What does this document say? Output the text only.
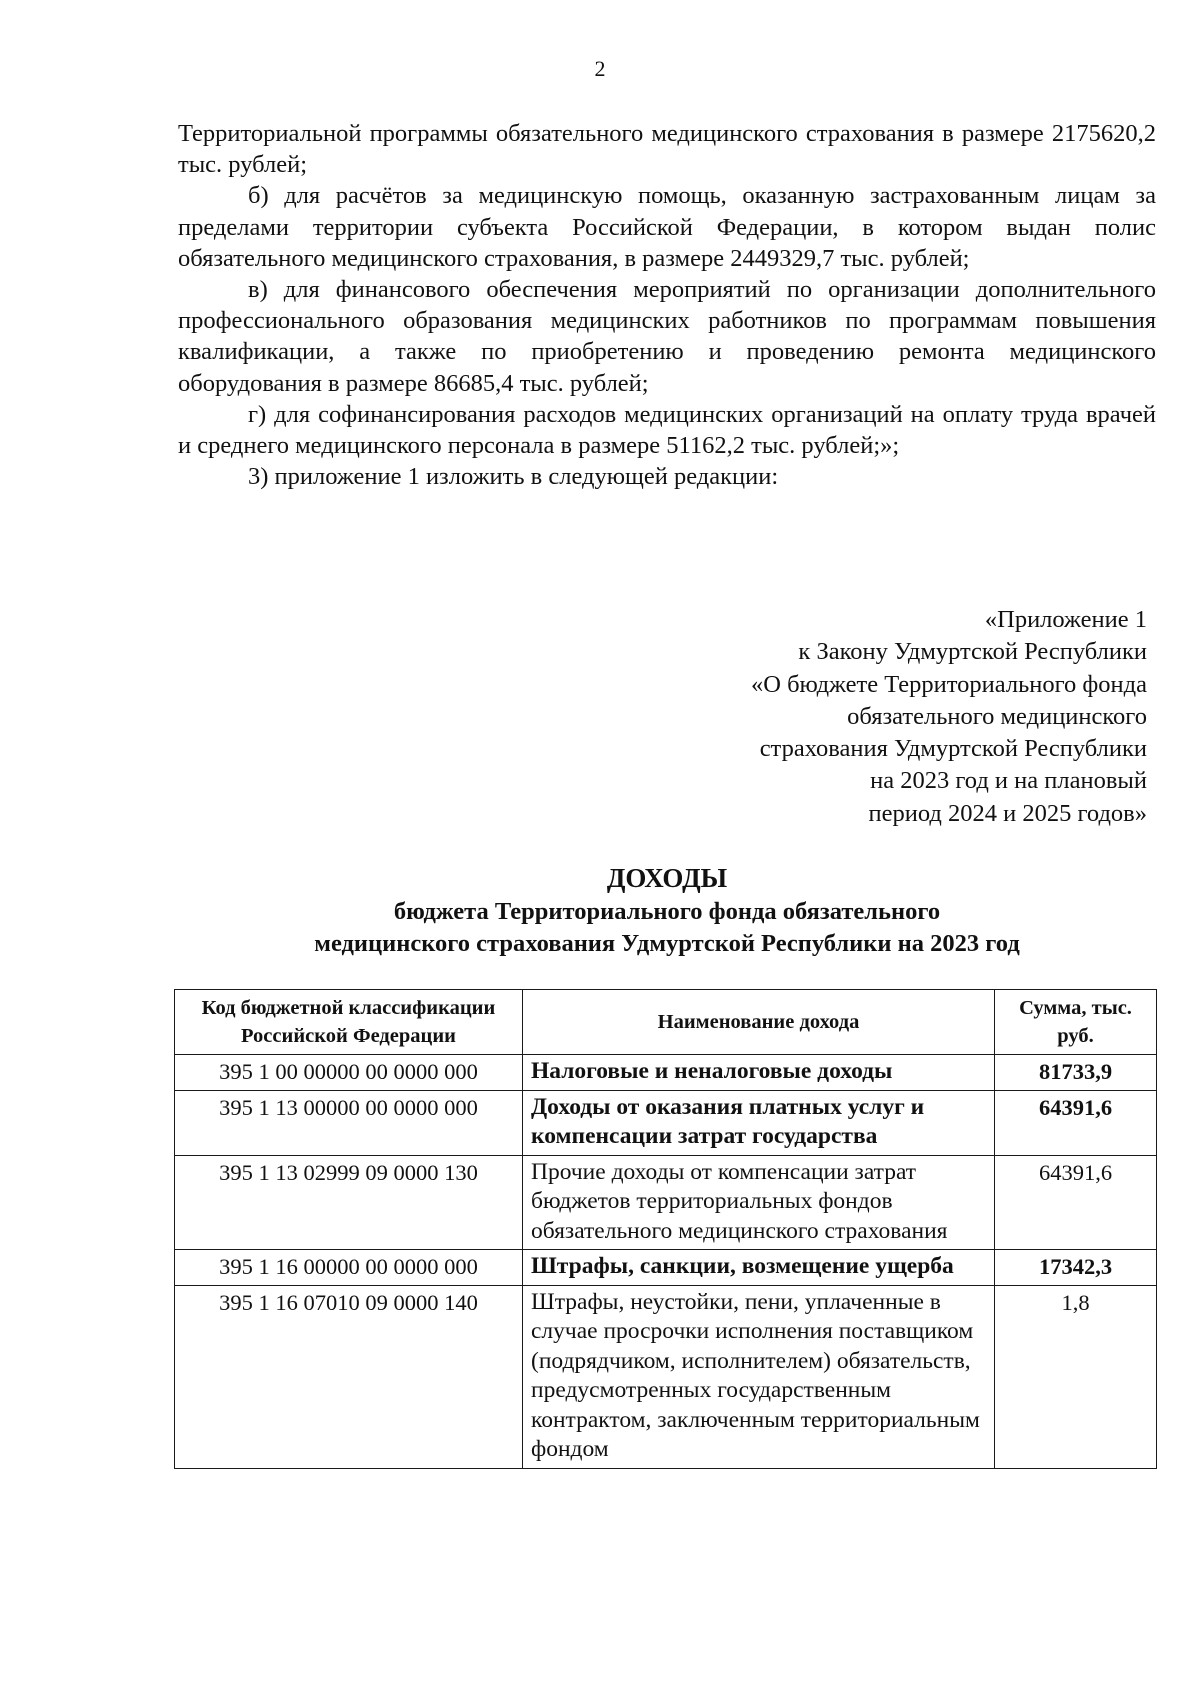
2

Территориальной программы обязательного медицинского страхования в размере 2175620,2 тыс. рублей;

б) для расчётов за медицинскую помощь, оказанную застрахованным лицам за пределами территории субъекта Российской Федерации, в котором выдан полис обязательного медицинского страхования, в размере 2449329,7 тыс. рублей;

в) для финансового обеспечения мероприятий по организации дополнительного профессионального образования медицинских работников по программам повышения квалификации, а также по приобретению и проведению ремонта медицинского оборудования в размере 86685,4 тыс. рублей;

г) для софинансирования расходов медицинских организаций на оплату труда врачей и среднего медицинского персонала в размере 51162,2 тыс. рублей;»;

3) приложение 1 изложить в следующей редакции:

«Приложение 1
к Закону Удмуртской Республики
«О бюджете Территориального фонда
обязательного медицинского
страхования Удмуртской Республики
на 2023 год и на плановый
период 2024 и 2025 годов»
ДОХОДЫ
бюджета Территориального фонда обязательного
медицинского страхования Удмуртской Республики на 2023 год
Код бюджетной классификации Российской Федерации	Наименование дохода	Сумма, тыс. руб.
395 1 00 00000 00 0000 000	Налоговые и неналоговые доходы	81733,9
395 1 13 00000 00 0000 000	Доходы от оказания платных услуг и компенсации затрат государства	64391,6
395 1 13 02999 09 0000 130	Прочие доходы от компенсации затрат бюджетов территориальных фондов обязательного медицинского страхования	64391,6
395 1 16 00000 00 0000 000	Штрафы, санкции, возмещение ущерба	17342,3
395 1 16 07010 09 0000 140	Штрафы, неустойки, пени, уплаченные в случае просрочки исполнения поставщиком (подрядчиком, исполнителем) обязательств, предусмотренных государственным контрактом, заключенным территориальным фондом	1,8
